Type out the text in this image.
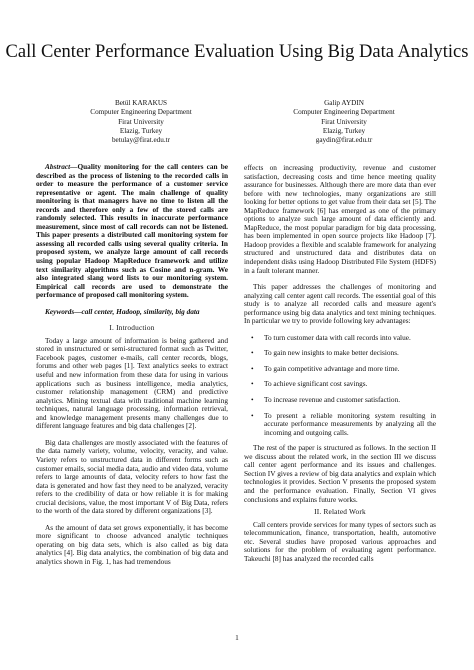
Call Center Performance Evaluation Using Big Data Analytics
Betül KARAKUS
Computer Engineering Department
Firat University
Elazig, Turkey
betulay@firat.edu.tr
Galip AYDIN
Computer Engineering Department
Firat University
Elazig, Turkey
gaydin@firat.edu.tr

Abstract—Quality monitoring for the call centers can be described as the process of listening to the recorded calls in order to measure the performance of a customer service representative or agent. The main challenge of quality monitoring is that managers have no time to listen all the records and therefore only a few of the stored calls are randomly selected. This results in inaccurate performance measurement, since most of call records can not be listened. This paper presents a distributed call monitoring system for assessing all recorded calls using several quality criteria. In proposed system, we analyze large amount of call records using popular Hadoop MapReduce framework and utilize text similarity algorithms such as Cosine and n-gram. We also integrated slang word lists to our monitoring system. Empirical call records are used to demonstrate the performance of proposed call monitoring system.

Keywords—call center, Hadoop, similarity, big data

I. Introduction

Today a large amount of information is being gathered and stored in unstructured or semi-structured format such as Twitter, Facebook pages, customer e-mails, call center records, blogs, forums and other web pages [1]. Text analytics seeks to extract useful and new information from these data for using in various applications such as business intelligence, media analytics, customer relationship management (CRM) and predictive analytics. Mining textual data with traditional machine learning techniques, natural language processing, information retrieval, and knowledge management presents many challenges due to different language features and big data challenges [2].

Big data challenges are mostly associated with the features of the data namely variety, volume, velocity, veracity, and value. Variety refers to unstructured data in different forms such as customer emails, social media data, audio and video data, volume refers to large amounts of data, velocity refers to how fast the data is generated and how fast they need to be analyzed, veracity refers to the credibility of data or how reliable it is for making crucial decisions, value, the most important V of Big Data, refers to the worth of the data stored by different organizations [3].

As the amount of data set grows exponentially, it has become more significant to choose advanced analytic techniques operating on big data sets, which is also called as big data analytics [4]. Big data analytics, the combination of big data and analytics shown in Fig. 1, has had tremendous

effects on increasing productivity, revenue and customer satisfaction, decreasing costs and time hence meeting quality assurance for businesses. Although there are more data than ever before with new technologies, many organizations are still looking for better options to get value from their data set [5]. The MapReduce framework [6] has emerged as one of the primary options to analyze such large amount of data efficiently and. MapReduce, the most popular paradigm for big data processing, has been implemented in open source projects like Hadoop [7]. Hadoop provides a flexible and scalable framework for analyzing structured and unstructured data and distributes data on independent disks using Hadoop Distributed File System (HDFS) in a fault tolerant manner.

This paper addresses the challenges of monitoring and analyzing call center agent call records. The essential goal of this study is to analyze all recorded calls and measure agent's performance using big data analytics and text mining techniques. In particular we try to provide following key advantages:

• To turn customer data with call records into value.
• To gain new insights to make better decisions.
• To gain competitive advantage and more time.
• To achieve significant cost savings.
• To increase revenue and customer satisfaction.
• To present a reliable monitoring system resulting in accurate performance measurements by analyzing all the incoming and outgoing calls.

The rest of the paper is structured as follows. In the section II we discuss about the related work, in the section III we discuss call center agent performance and its issues and challenges. Section IV gives a review of big data analytics and explain which technologies it provides. Section V presents the proposed system and the performance evaluation. Finally, Section VI gives conclusions and explains future works.

II. Related Work

Call centers provide services for many types of sectors such as telecommunication, finance, transportation, health, automotive etc. Several studies have proposed various approaches and solutions for the problem of evaluating agent performance. Takeuchi [8] has analyzed the recorded calls

1
